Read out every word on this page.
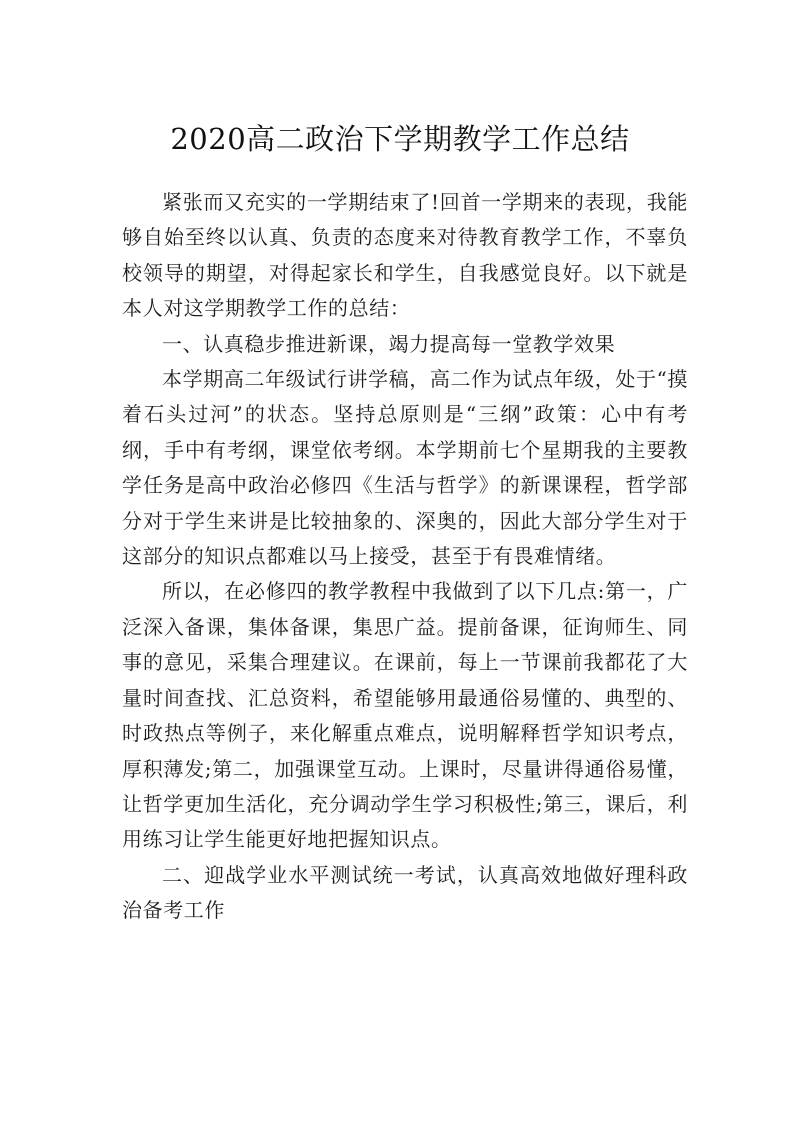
2020高二政治下学期教学工作总结

紧张而又充实的一学期结束了!回首一学期来的表现，我能够自始至终以认真、负责的态度来对待教育教学工作，不辜负校领导的期望，对得起家长和学生，自我感觉良好。以下就是本人对这学期教学工作的总结：

一、认真稳步推进新课，竭力提高每一堂教学效果

本学期高二年级试行讲学稿，高二作为试点年级，处于“摸着石头过河”的状态。坚持总原则是“三纲”政策：心中有考纲，手中有考纲，课堂依考纲。本学期前七个星期我的主要教学任务是高中政治必修四《生活与哲学》的新课课程，哲学部分对于学生来讲是比较抽象的、深奥的，因此大部分学生对于这部分的知识点都难以马上接受，甚至于有畏难情绪。

所以，在必修四的教学教程中我做到了以下几点:第一，广泛深入备课，集体备课，集思广益。提前备课，征询师生、同事的意见，采集合理建议。在课前，每上一节课前我都花了大量时间查找、汇总资料，希望能够用最通俗易懂的、典型的、时政热点等例子，来化解重点难点，说明解释哲学知识考点，厚积薄发;第二，加强课堂互动。上课时，尽量讲得通俗易懂，让哲学更加生活化，充分调动学生学习积极性;第三，课后，利用练习让学生能更好地把握知识点。

二、迎战学业水平测试统一考试，认真高效地做好理科政治备考工作
